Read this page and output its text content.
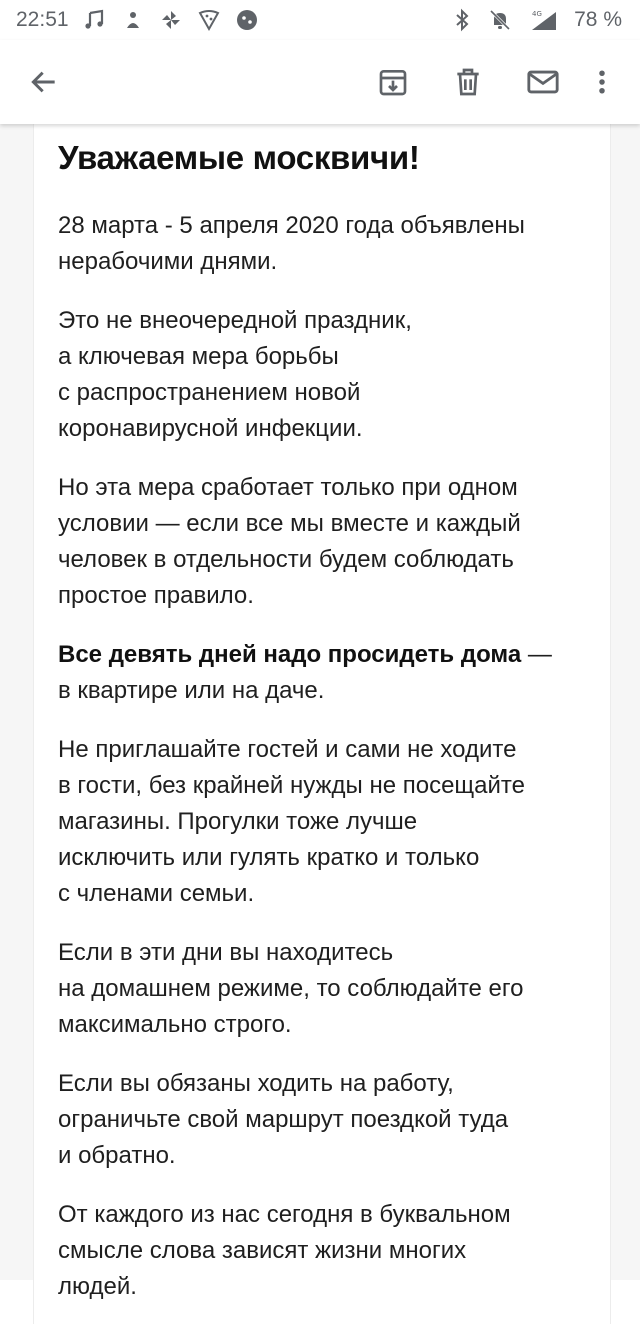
22:51	4G 78 %
Уважаемые москвичи!

28 марта - 5 апреля 2020 года объявлены
нерабочими днями.

Это не внеочередной праздник,
а ключевая мера борьбы
с распространением новой
коронавирусной инфекции.

Но эта мера сработает только при одном
условии — если все мы вместе и каждый
человек в отдельности будем соблюдать
простое правило.

Все девять дней надо просидеть дома —
в квартире или на даче.

Не приглашайте гостей и сами не ходите
в гости, без крайней нужды не посещайте
магазины. Прогулки тоже лучше
исключить или гулять кратко и только
с членами семьи.

Если в эти дни вы находитесь
на домашнем режиме, то соблюдайте его
максимально строго.

Если вы обязаны ходить на работу,
ограничьте свой маршрут поездкой туда
и обратно.

От каждого из нас сегодня в буквальном
смысле слова зависят жизни многих
людей.
